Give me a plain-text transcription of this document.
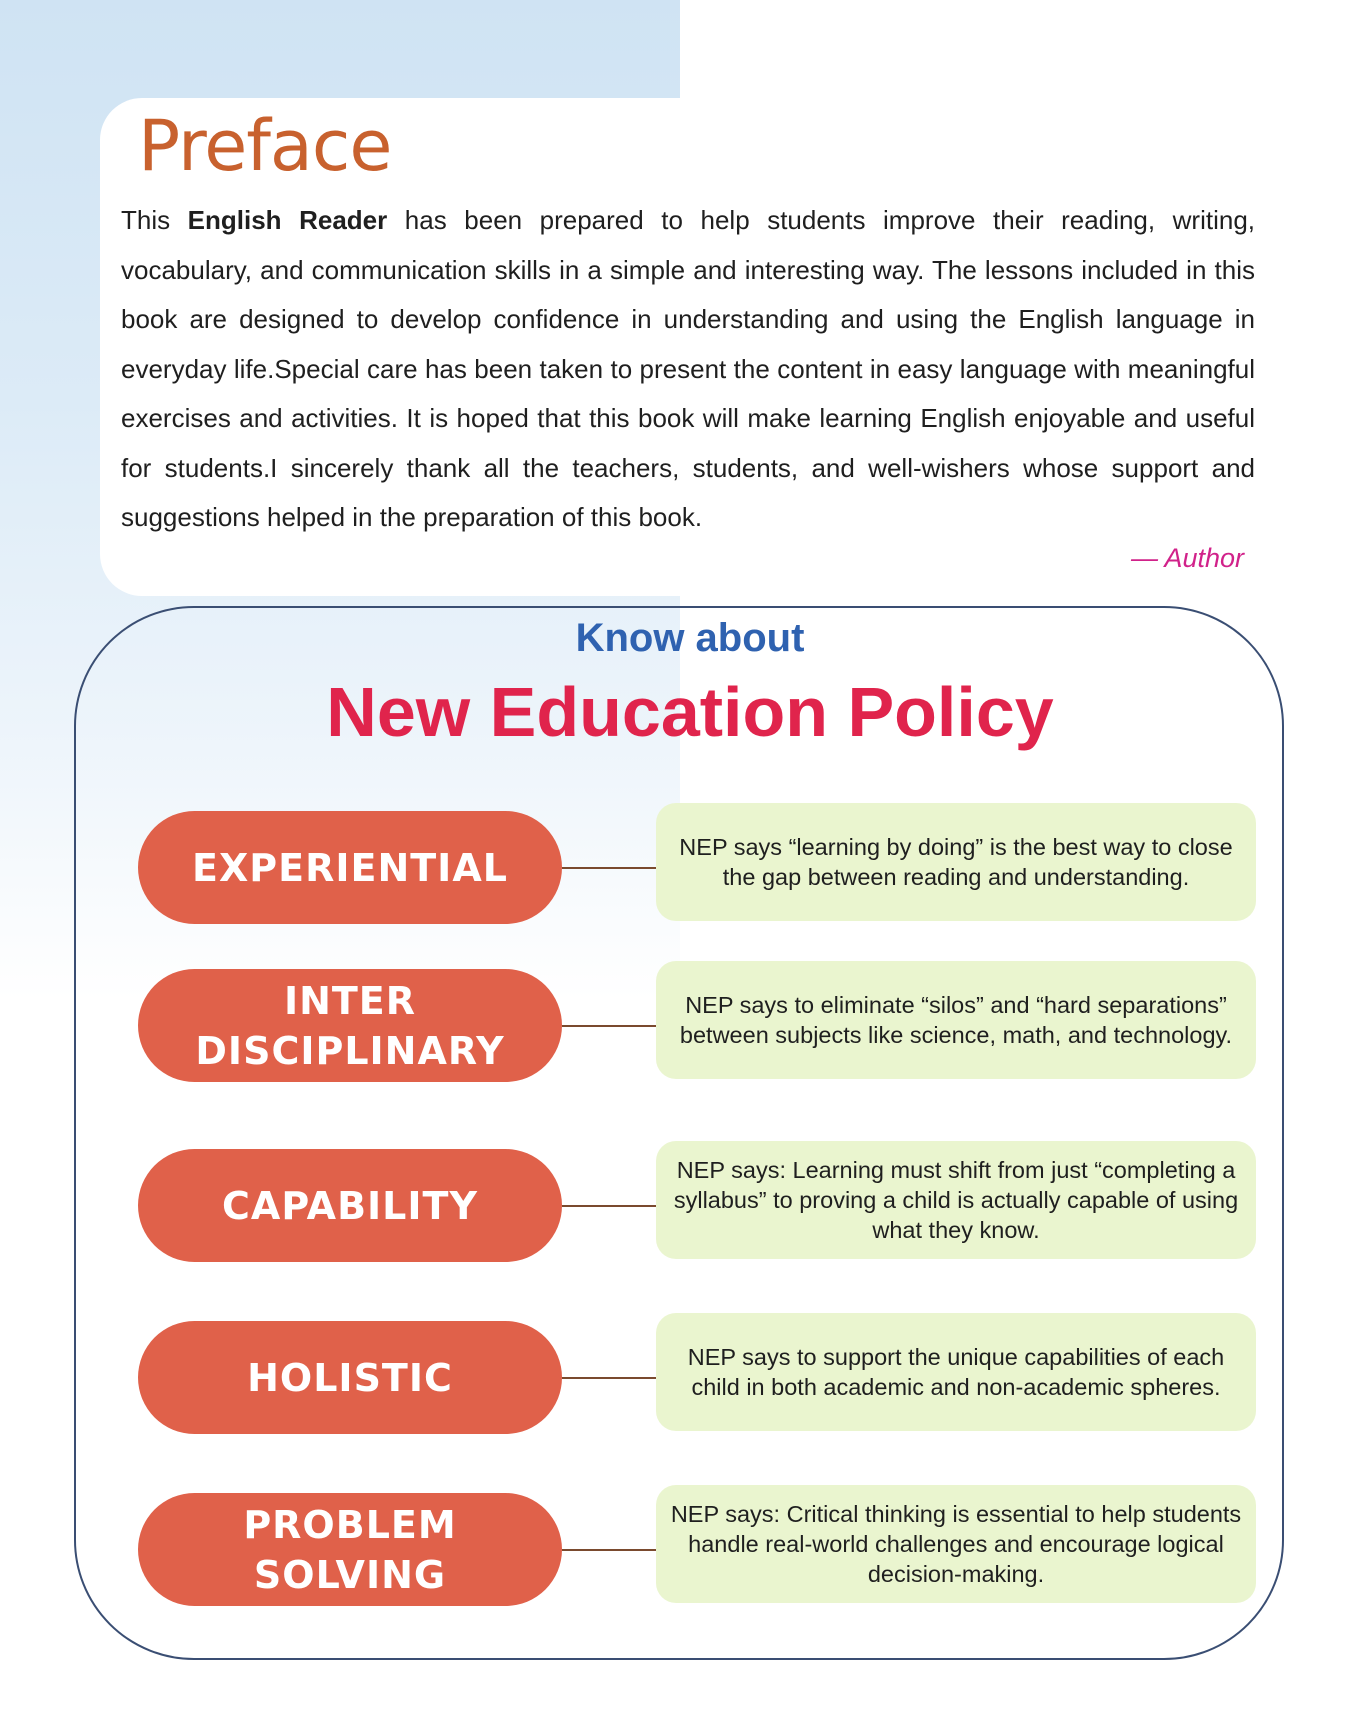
Preface

This English Reader has been prepared to help students improve their reading, writing, vocabulary, and communication skills in a simple and interesting way. The lessons included in this book are designed to develop confidence in understanding and using the English language in everyday life.Special care has been taken to present the content in easy language with meaningful exercises and activities. It is hoped that this book will make learning English enjoyable and useful for students.I sincerely thank all the teachers, students, and well-wishers whose support and suggestions helped in the preparation of this book.

— Author
Know about
New Education Policy
EXPERIENTIAL	NEP says “learning by doing” is the best way to close the gap between reading and understanding.
INTER
DISCIPLINARY
NEP says to eliminate “silos” and “hard separations” between subjects like science, math, and technology.
CAPABILITY
NEP says: Learning must shift from just “completing a syllabus” to proving a child is actually capable of using what they know.
HOLISTIC	NEP says to support the unique capabilities of each child in both academic and non-academic spheres.
PROBLEM
SOLVING
NEP says: Critical thinking is essential to help students handle real-world challenges and encourage logical decision-making.
